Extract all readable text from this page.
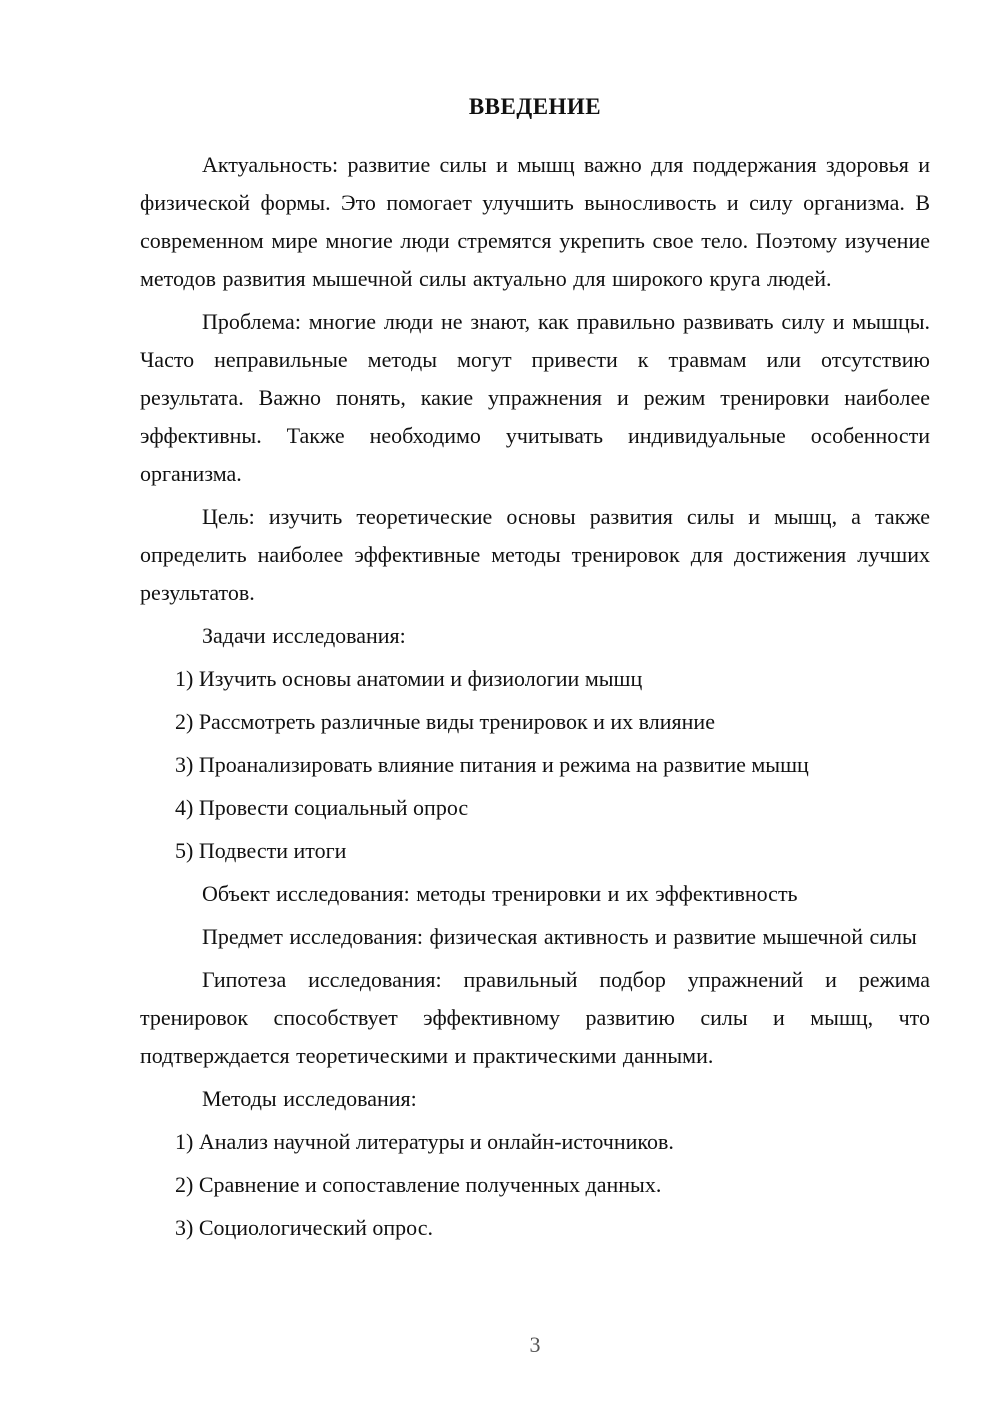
ВВЕДЕНИЕ

Актуальность: развитие силы и мышц важно для поддержания здоровья и физической формы. Это помогает улучшить выносливость и силу организма. В современном мире многие люди стремятся укрепить свое тело. Поэтому изучение методов развития мышечной силы актуально для широкого круга людей.

Проблема: многие люди не знают, как правильно развивать силу и мышцы. Часто неправильные методы могут привести к травмам или отсутствию результата. Важно понять, какие упражнения и режим тренировки наиболее эффективны. Также необходимо учитывать индивидуальные особенности организма.

Цель: изучить теоретические основы развития силы и мышц, а также определить наиболее эффективные методы тренировок для достижения лучших результатов.

Задачи исследования:

1) Изучить основы анатомии и физиологии мышц

2) Рассмотреть различные виды тренировок и их влияние

3) Проанализировать влияние питания и режима на развитие мышц

4) Провести социальный опрос

5) Подвести итоги

Объект исследования: методы тренировки и их эффективность

Предмет исследования: физическая активность и развитие мышечной силы

Гипотеза исследования: правильный подбор упражнений и режима тренировок способствует эффективному развитию силы и мышц, что подтверждается теоретическими и практическими данными.

Методы исследования:

1) Анализ научной литературы и онлайн-источников.

2) Сравнение и сопоставление полученных данных.

3) Социологический опрос.

3
